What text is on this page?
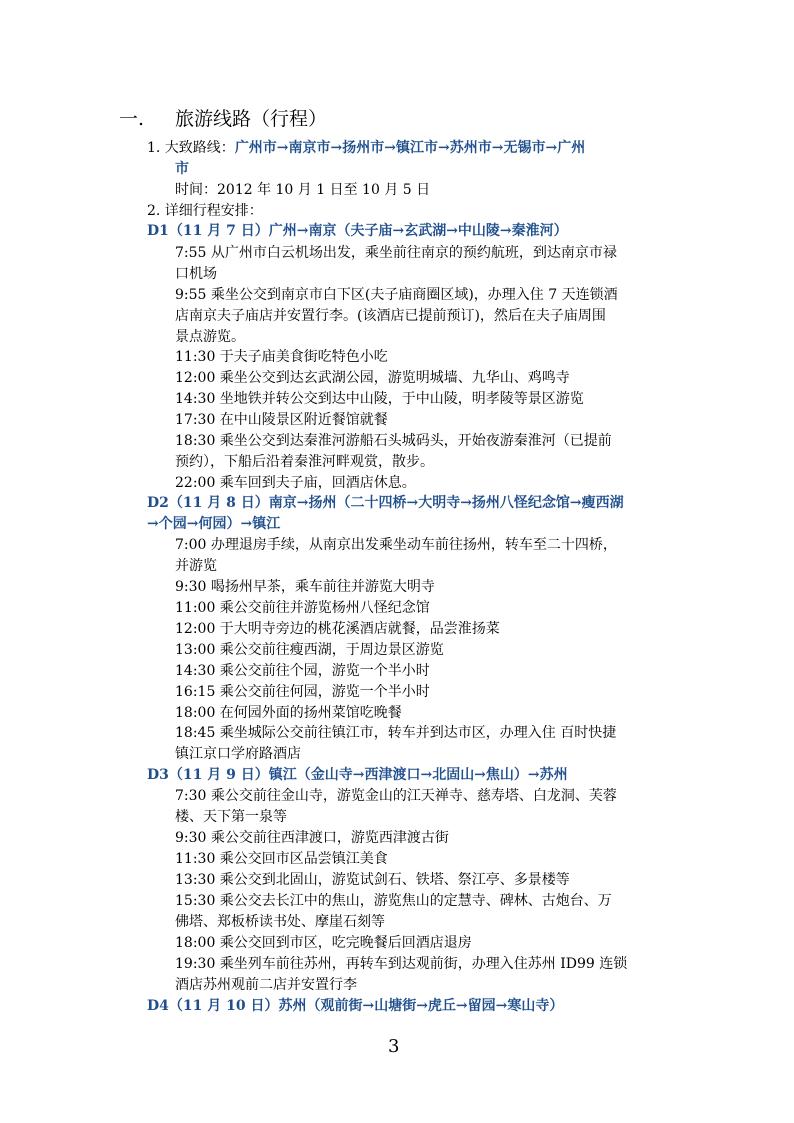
一. 旅游线路（行程）
1. 大致路线：广州市→南京市→扬州市→镇江市→苏州市→无锡市→广州
市
时间：2012 年 10 月 1 日至 10 月 5 日
2. 详细行程安排：
D1（11 月 7 日）广州→南京（夫子庙→玄武湖→中山陵→秦淮河）
7:55 从广州市白云机场出发，乘坐前往南京的预约航班，到达南京市禄
口机场
9:55 乘坐公交到南京市白下区(夫子庙商圈区域)，办理入住 7 天连锁酒
店南京夫子庙店并安置行李。(该酒店已提前预订)，然后在夫子庙周围
景点游览。
11:30 于夫子庙美食街吃特色小吃
12:00 乘坐公交到达玄武湖公园，游览明城墙、九华山、鸡鸣寺
14:30 坐地铁并转公交到达中山陵，于中山陵，明孝陵等景区游览
17:30 在中山陵景区附近餐馆就餐
18:30 乘坐公交到达秦淮河游船石头城码头，开始夜游秦淮河（已提前
预约），下船后沿着秦淮河畔观赏，散步。
22:00 乘车回到夫子庙，回酒店休息。
D2（11 月 8 日）南京→扬州（二十四桥→大明寺→扬州八怪纪念馆→瘦西湖
→个园→何园）→镇江
7:00 办理退房手续，从南京出发乘坐动车前往扬州，转车至二十四桥，
并游览
9:30 喝扬州早茶，乘车前往并游览大明寺
11:00 乘公交前往并游览杨州八怪纪念馆
12:00 于大明寺旁边的桃花溪酒店就餐，品尝淮扬菜
13:00 乘公交前往瘦西湖，于周边景区游览
14:30 乘公交前往个园，游览一个半小时
16:15 乘公交前往何园，游览一个半小时
18:00 在何园外面的扬州菜馆吃晚餐
18:45 乘坐城际公交前往镇江市，转车并到达市区，办理入住 百时快捷
镇江京口学府路酒店
D3（11 月 9 日）镇江（金山寺→西津渡口→北固山→焦山）→苏州
7:30 乘公交前往金山寺，游览金山的江天禅寺、慈寿塔、白龙洞、芙蓉
楼、天下第一泉等
9:30 乘公交前往西津渡口，游览西津渡古街
11:30 乘公交回市区品尝镇江美食
13:30 乘公交到北固山，游览试剑石、铁塔、祭江亭、多景楼等
15:30 乘公交去长江中的焦山，游览焦山的定慧寺、碑林、古炮台、万
佛塔、郑板桥读书处、摩崖石刻等
18:00 乘公交回到市区，吃完晚餐后回酒店退房
19:30 乘坐列车前往苏州，再转车到达观前街，办理入住苏州 ID99 连锁
酒店苏州观前二店并安置行李
D4（11 月 10 日）苏州（观前街→山塘街→虎丘→留园→寒山寺）
3
